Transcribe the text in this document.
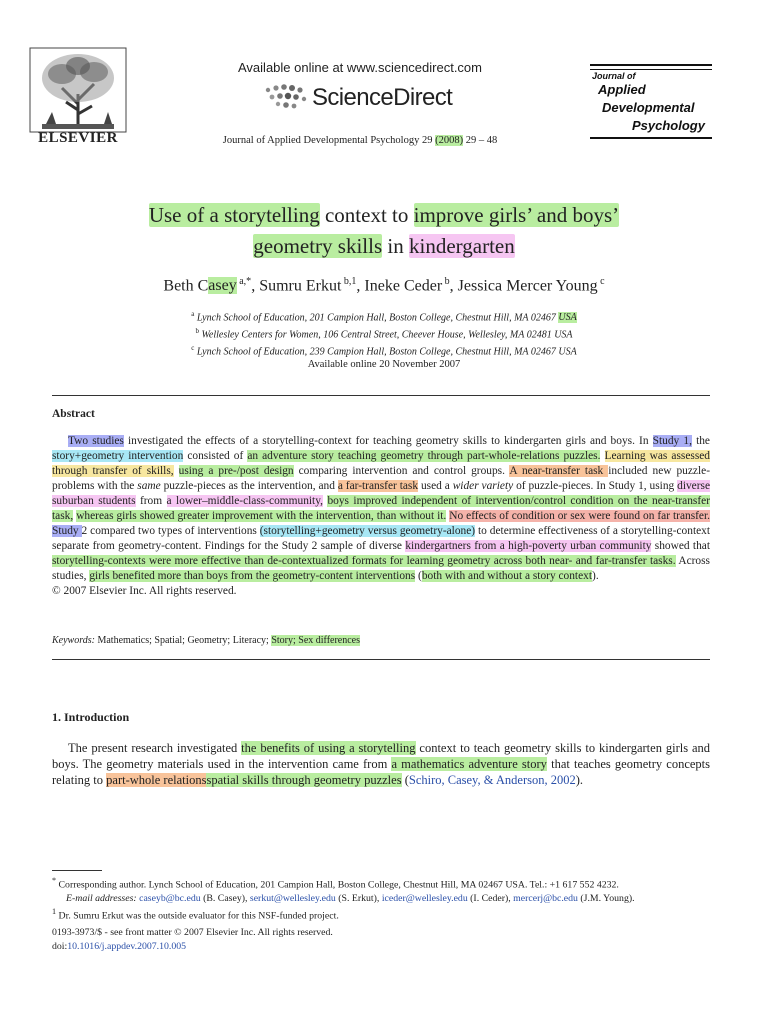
ELSEVIER
Available online at www.sciencedirect.com
ScienceDirect
Journal of Applied Developmental Psychology 29 (2008) 29 – 48
Journal of
Applied
Developmental
Psychology
Use of a storytelling context to improve girls’ and boys’
geometry skills in kindergarten
Beth Casey $^{a,*}$, Sumru Erkut $^{b,1}$, Ineke Ceder $^b$, Jessica Mercer Young $^c$
$^a$ Lynch School of Education, 201 Campion Hall, Boston College, Chestnut Hill, MA 02467 USA
$^b$ Wellesley Centers for Women, 106 Central Street, Cheever House, Wellesley, MA 02481 USA
$^c$ Lynch School of Education, 239 Campion Hall, Boston College, Chestnut Hill, MA 02467 USA
Available online 20 November 2007
Abstract

Two studies investigated the effects of a storytelling-context for teaching geometry skills to kindergarten girls and boys. In Study 1, the story+geometry intervention consisted of an adventure story teaching geometry through part-whole-relations puzzles. Learning was assessed through transfer of skills, using a pre-/post design comparing intervention and control groups. A near-transfer task included new puzzle-problems with the same puzzle-pieces as the intervention, and a far-transfer task used a wider variety of puzzle-pieces. In Study 1, using diverse suburban students from a lower–middle-class-community, boys improved independent of intervention/control condition on the near-transfer task, whereas girls showed greater improvement with the intervention, than without it. No effects of condition or sex were found on far transfer. Study 2 compared two types of interventions (storytelling+geometry versus geometry-alone) to determine effectiveness of a storytelling-context separate from geometry-content. Findings for the Study 2 sample of diverse kindergartners from a high-poverty urban community showed that storytelling-contexts were more effective than de-contextualized formats for learning geometry across both near- and far-transfer tasks. Across studies, girls benefited more than boys from the geometry-content interventions (both with and without a story context).
© 2007 Elsevier Inc. All rights reserved.

Keywords: Mathematics; Spatial; Geometry; Literacy; Story; Sex differences
1. Introduction

The present research investigated the benefits of using a storytelling context to teach geometry skills to kindergarten girls and boys. The geometry materials used in the intervention came from a mathematics adventure story that teaches geometry concepts relating to part-whole relationsspatial skills through geometry puzzles (Schiro, Casey, & Anderson, 2002).

* Corresponding author. Lynch School of Education, 201 Campion Hall, Boston College, Chestnut Hill, MA 02467 USA. Tel.: +1 617 552 4232.
E-mail addresses: caseyb@bc.edu (B. Casey), serkut@wellesley.edu (S. Erkut), iceder@wellesley.edu (I. Ceder), mercerj@bc.edu (J.M. Young).
$^1$ Dr. Sumru Erkut was the outside evaluator for this NSF-funded project.
0193-3973/$ - see front matter © 2007 Elsevier Inc. All rights reserved.
doi:10.1016/j.appdev.2007.10.005
